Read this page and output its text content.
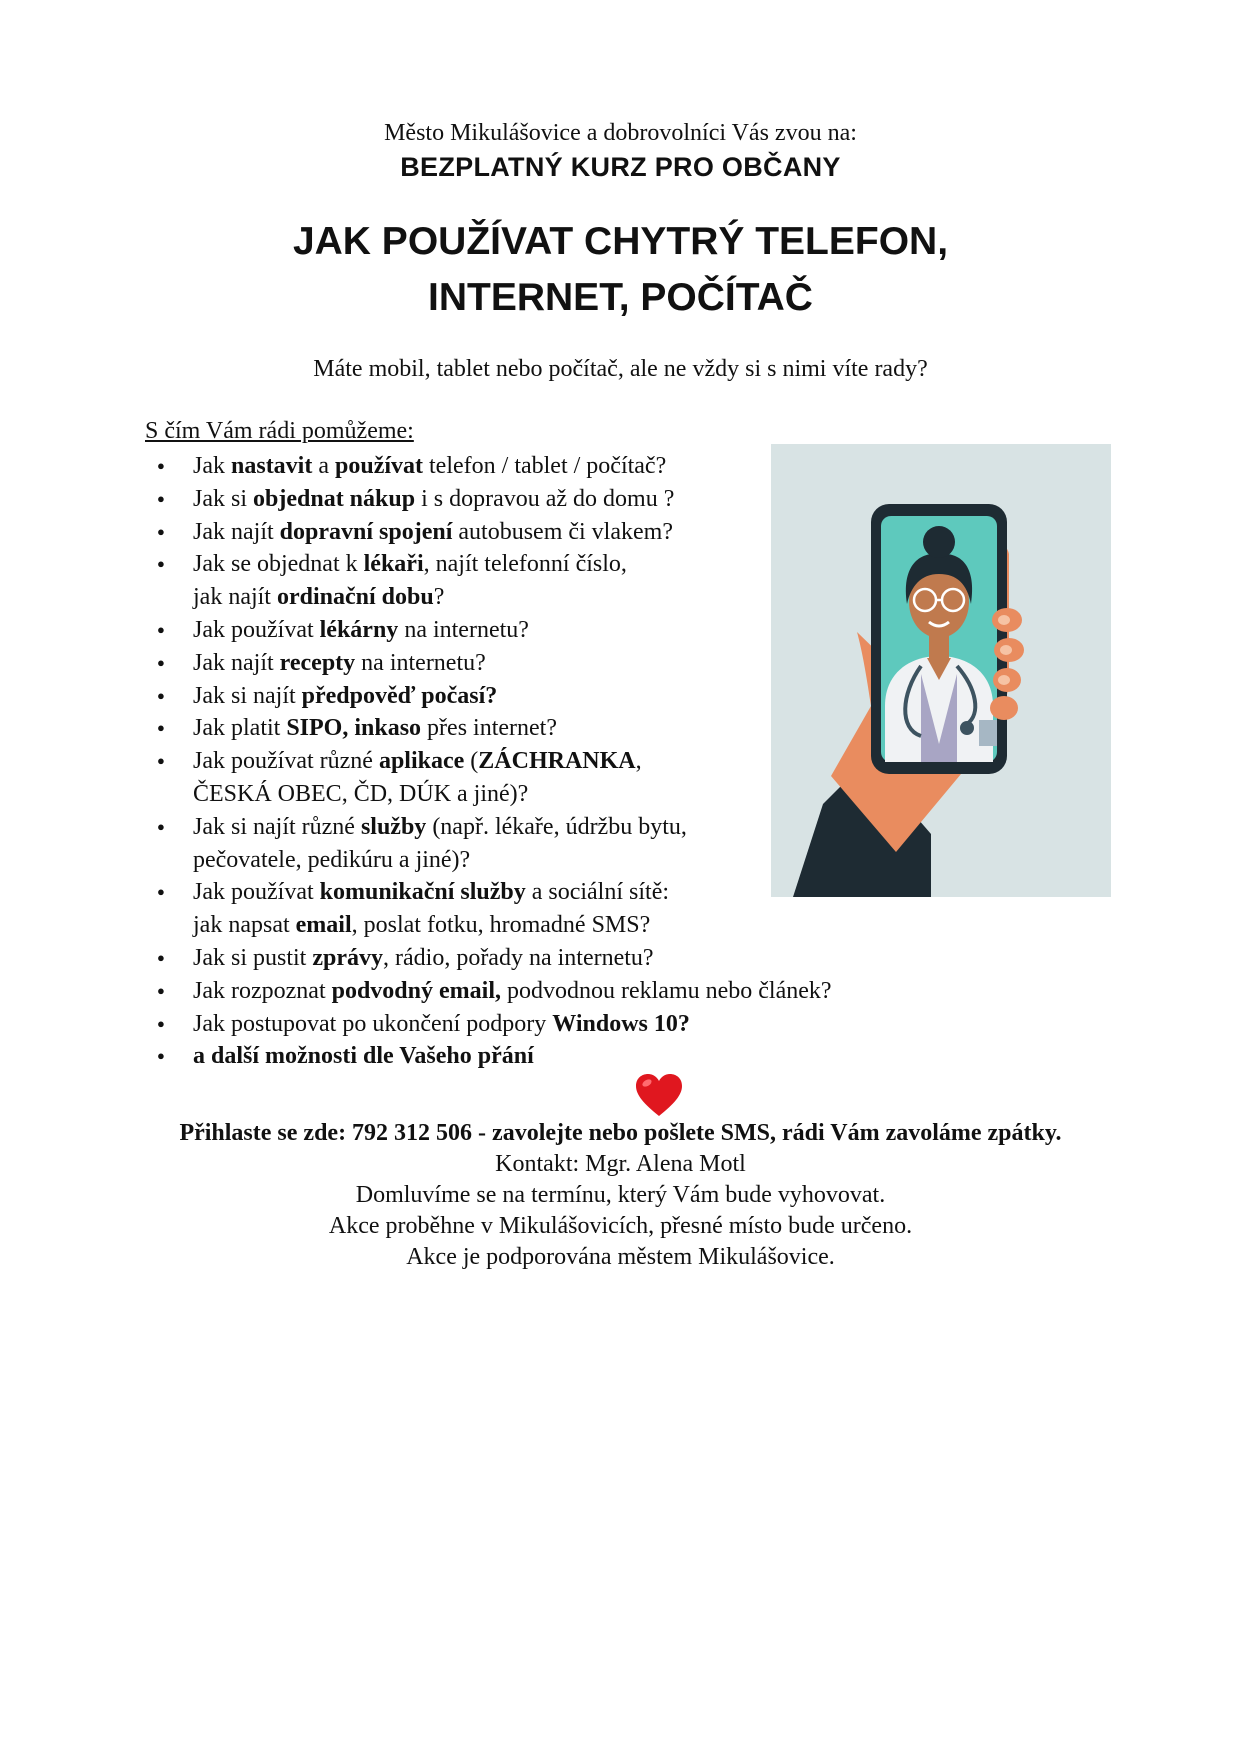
Město Mikulášovice a dobrovolníci Vás zvou na:
BEZPLATNÝ KURZ PRO OBČANY
JAK POUŽÍVAT CHYTRÝ TELEFON,
INTERNET, POČÍTAČ
Máte mobil, tablet nebo počítač, ale ne vždy si s nimi víte rady?
S čím Vám rádi pomůžeme:
● Jak nastavit a používat telefon / tablet / počítač?
● Jak si objednat nákup i s dopravou až do domu ?
● Jak najít dopravní spojení autobusem či vlakem?
● Jak se objednat k lékaři, najít telefonní číslo,
jak najít ordinační dobu?
● Jak používat lékárny na internetu?
● Jak najít recepty na internetu?
● Jak si najít předpověď počasí?
● Jak platit SIPO, inkaso přes internet?
● Jak používat různé aplikace (ZÁCHRANKA,
ČESKÁ OBEC, ČD, DÚK a jiné)?
● Jak si najít různé služby (např. lékaře, údržbu bytu,
pečovatele, pedikúru a jiné)?
● Jak používat komunikační služby a sociální sítě:
jak napsat email, poslat fotku, hromadné SMS?
● Jak si pustit zprávy, rádio, pořady na internetu?
● Jak rozpoznat podvodný email, podvodnou reklamu nebo článek?
● Jak postupovat po ukončení podpory Windows 10?
● a další možnosti dle Vašeho přání
Přihlaste se zde: 792 312 506 - zavolejte nebo pošlete SMS, rádi Vám zavoláme zpátky.
Kontakt: Mgr. Alena Motl
Domluvíme se na termínu, který Vám bude vyhovovat.
Akce proběhne v Mikulášovicích, přesné místo bude určeno.
Akce je podporována městem Mikulášovice.
